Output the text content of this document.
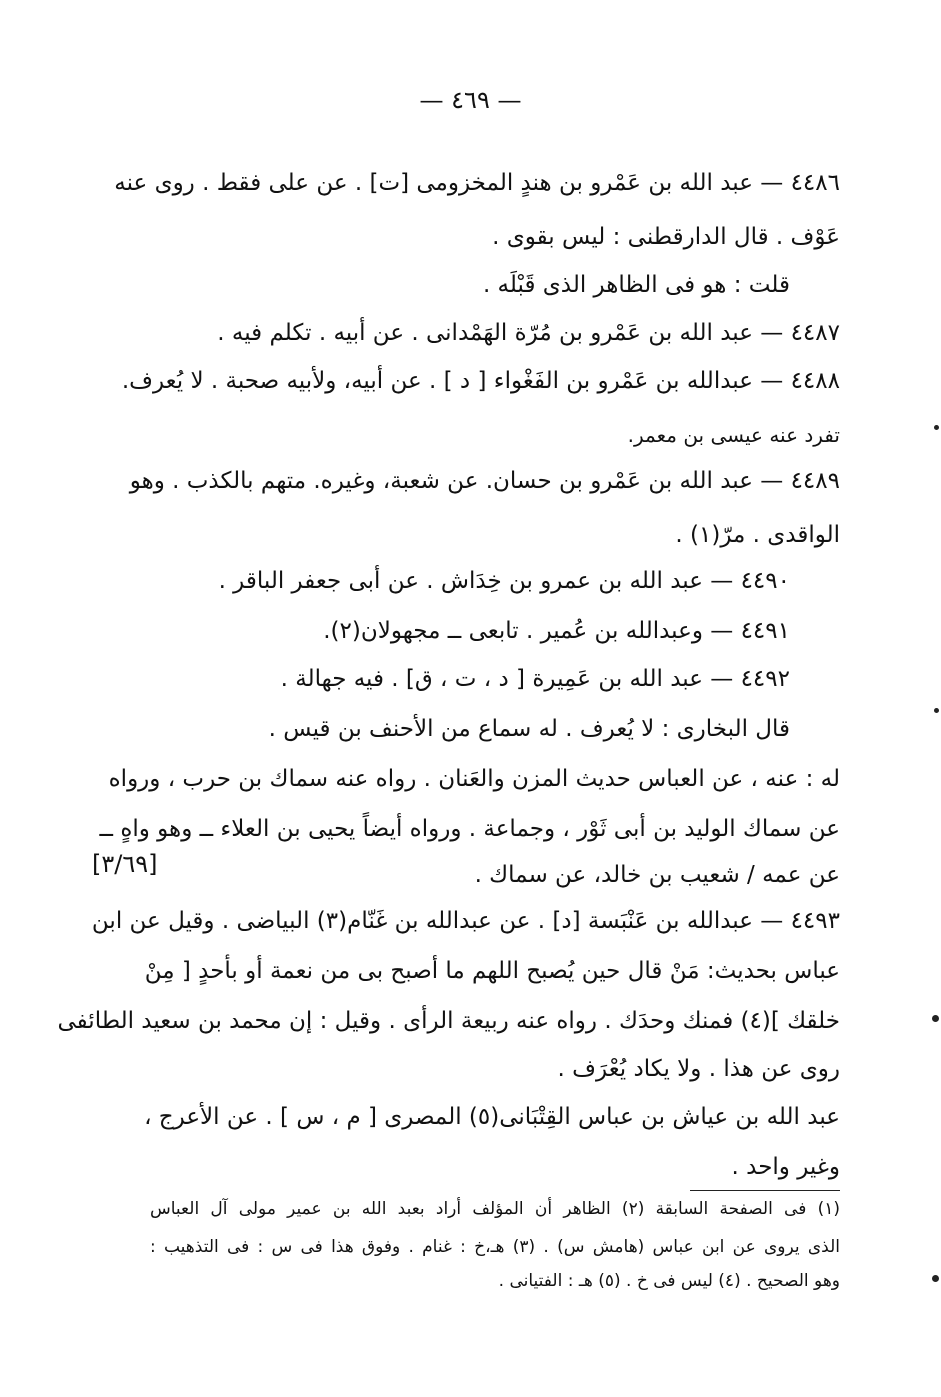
— ٤٦٩ —
٤٤٨٦ — عبد الله بن عَمْرو بن هندٍ المخزومى [ت] . عن على فقط . روى عنه
عَوْف . قال الدارقطنى : ليس بقوى .
قلت : هو فى الظاهر الذى قَبْلَه .
٤٤٨٧ — عبد الله بن عَمْرو بن مُرّة الهَمْدانى . عن أبيه . تكلم فيه .
٤٤٨٨ — عبدالله بن عَمْرو بن الفَغْواء [ د ] . عن أبيه، ولأبيه صحبة . لا يُعرف.
تفرد عنه عيسى بن معمر.
٤٤٨٩ — عبد الله بن عَمْرو بن حسان. عن شعبة، وغيره. متهم بالكذب . وهو
الواقدى . مرّ(١) .
٤٤٩٠ — عبد الله بن عمرو بن خِدَاش . عن أبى جعفر الباقر .
٤٤٩١ — وعبدالله بن عُمير . تابعى ــ مجهولان(٢).
٤٤٩٢ — عبد الله بن عَمِيرة [ د ، ت ، ق] . فيه جهالة .
قال البخارى : لا يُعرف . له سماع من الأحنف بن قيس .
له : عنه ، عن العباس حديث المزن والعَنان . رواه عنه سماك بن حرب ، ورواه
عن سماك الوليد بن أبى ثَوْر ، وجماعة . ورواه أيضاً يحيى بن العلاء ــ وهو واهٍ ــ
عن عمه / شعيب بن خالد، عن سماك .
٤٤٩٣ — عبدالله بن عَنْبَسة [د] . عن عبدالله بن غَنّام(٣) البياضى . وقيل عن ابن
عباس بحديث: مَنْ قال حين يُصبح اللهم ما أصبح بى من نعمة أو بأحدٍ [ مِنْ
خلقك ](٤) فمنك وحدَك . رواه عنه ربيعة الرأى . وقيل : إن محمد بن سعيد الطائفى
روى عن هذا . ولا يكاد يُعْرَف .
عبد الله بن عياش بن عباس القِتْبَانى(٥) المصرى [ م ، س ] . عن الأعرج ،
وغير واحد .
[٣/٦٩]
(١) فى الصفحة السابقة (٢) الظاهر أن المؤلف أراد بعبد الله بن عمير مولى آل العباس
الذى يروى عن ابن عباس (هامش س) . (٣) هـ،خ : غنام . وفوق هذا فى س : فى التذهيب :
وهو الصحيح . (٤) ليس فى خ . (٥) هـ : الفتيانى .
